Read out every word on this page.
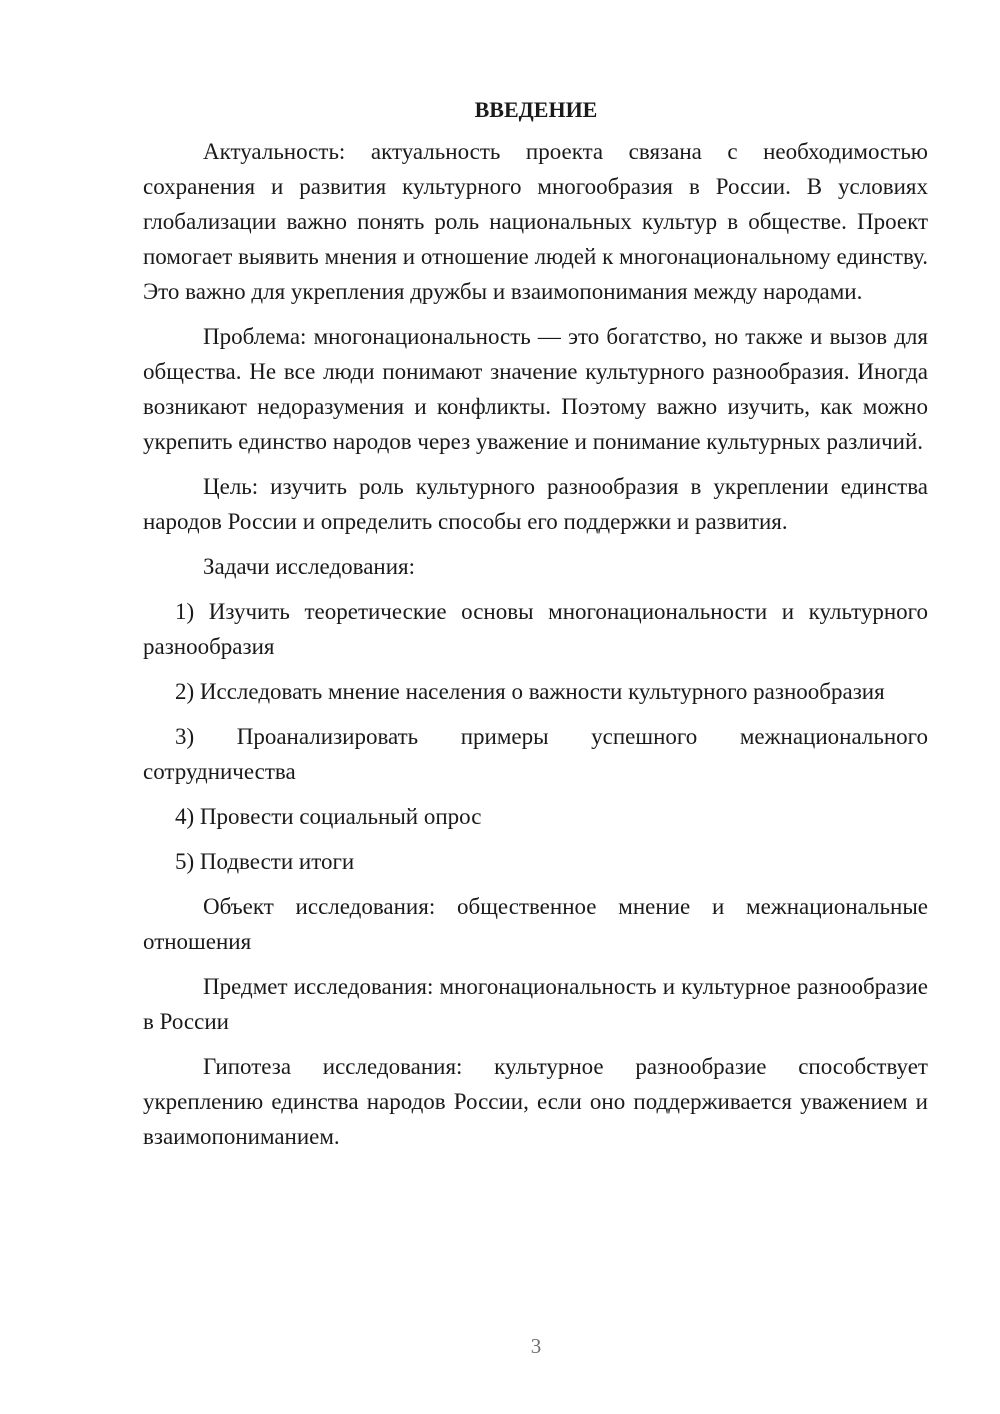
ВВЕДЕНИЕ

Актуальность: актуальность проекта связана с необходимостью сохранения и развития культурного многообразия в России. В условиях глобализации важно понять роль национальных культур в обществе. Проект помогает выявить мнения и отношение людей к многонациональному единству. Это важно для укрепления дружбы и взаимопонимания между народами.

Проблема: многонациональность — это богатство, но также и вызов для общества. Не все люди понимают значение культурного разнообразия. Иногда возникают недоразумения и конфликты. Поэтому важно изучить, как можно укрепить единство народов через уважение и понимание культурных различий.

Цель: изучить роль культурного разнообразия в укреплении единства народов России и определить способы его поддержки и развития.

Задачи исследования:

1) Изучить теоретические основы многонациональности и культурного разнообразия

2) Исследовать мнение населения о важности культурного разнообразия

3) Проанализировать примеры успешного межнационального сотрудничества

4) Провести социальный опрос

5) Подвести итоги

Объект исследования: общественное мнение и межнациональные отношения

Предмет исследования: многонациональность и культурное разнообразие в России

Гипотеза исследования: культурное разнообразие способствует укреплению единства народов России, если оно поддерживается уважением и взаимопониманием.

3
